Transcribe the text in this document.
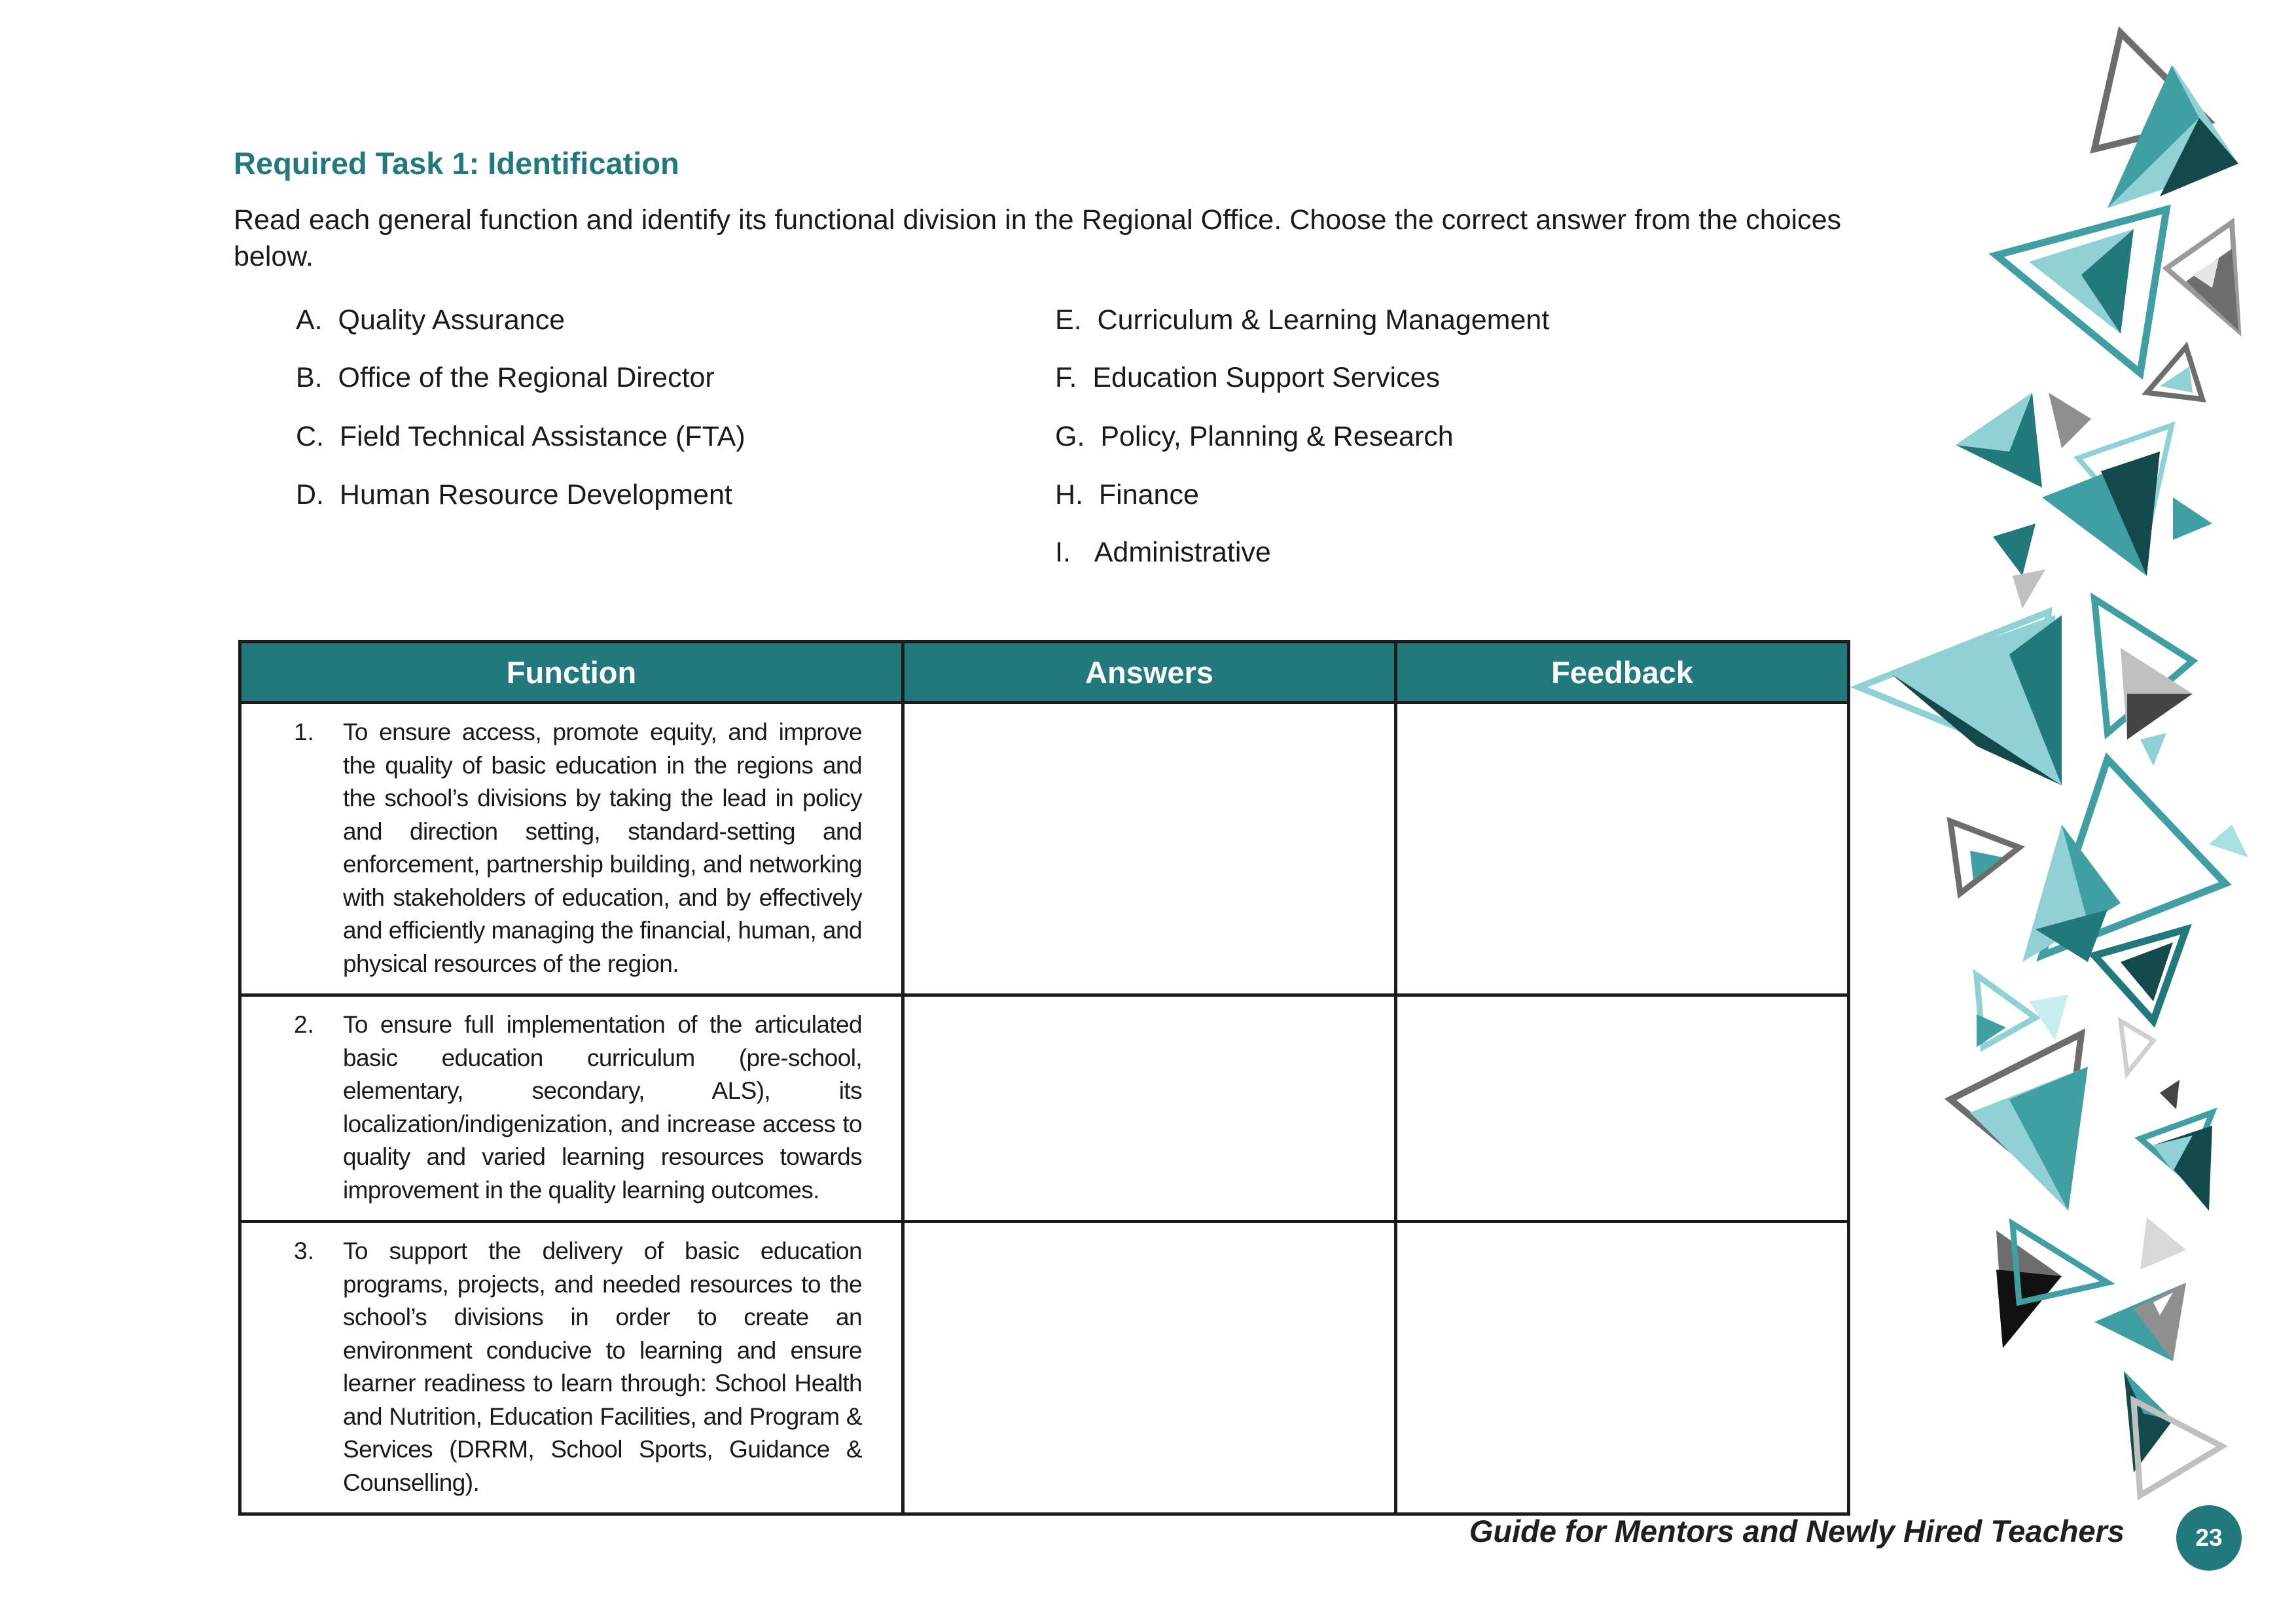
Required Task 1: Identification

Read each general function and identify its functional division in the Regional Office. Choose the correct answer from the choices below.

A. Quality Assurance
B. Office of the Regional Director
C. Field Technical Assistance (FTA)
D. Human Resource Development
E. Curriculum & Learning Management
F. Education Support Services
G. Policy, Planning & Research
H. Finance
I. Administrative
Function	Answers	Feedback

1. To ensure access, promote equity, and improve the quality of basic education in the regions and the school’s divisions by taking the lead in policy and direction setting, standard-setting and enforcement, partnership building, and networking with stakeholders of education, and by effectively and efficiently managing the financial, human, and physical resources of the region.		

2. To ensure full implementation of the articulated basic education curriculum (pre-school, elementary, secondary, ALS), its localization/indigenization, and increase access to quality and varied learning resources towards improvement in the quality learning outcomes.		

3. To support the delivery of basic education programs, projects, and needed resources to the school’s divisions in order to create an environment conducive to learning and ensure learner readiness to learn through: School Health and Nutrition, Education Facilities, and Program & Services (DRRM, School Sports, Guidance & Counselling).		

Guide for Mentors and Newly Hired Teachers	23
